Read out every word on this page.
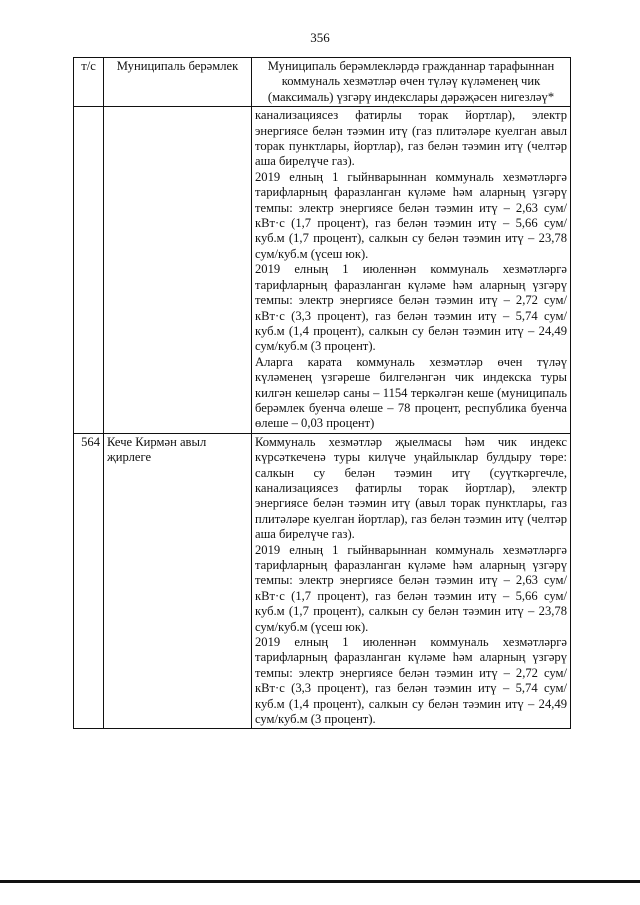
356
т/с	Муниципаль берәмлек	Муниципаль берәмлекләрдә гражданнар тарафыннан коммуналь хезмәтләр өчен түләү күләменең чик (максималь) үзгәрү индекслары дәрәҗәсен нигезләү*

		канализациясез фатирлы торак йортлар), электр энергиясе белән тәэмин итү (газ плитәләре куелган авыл торак пунктлары, йортлар), газ белән тәэмин итү (челтәр аша бирелүче газ).

2019 елның 1 гыйнварыннан коммуналь хезмәтләргә тарифларның фаразланган күләме һәм аларның үзгәрү темпы: электр энергиясе белән тәэмин итү – 2,63 сум/кВт·с (1,7 процент), газ белән тәэмин итү – 5,66 сум/куб.м (1,7 процент), салкын су белән тәэмин итү – 23,78 сум/куб.м (үсеш юк).

2019 елның 1 июленнән коммуналь хезмәтләргә тарифларның фаразланган күләме һәм аларның үзгәрү темпы: электр энергиясе белән тәэмин итү – 2,72 сум/кВт·с (3,3 процент), газ белән тәэмин итү – 5,74 сум/куб.м (1,4 процент), салкын су белән тәэмин итү – 24,49 сум/куб.м (3 процент).

Аларга карата коммуналь хезмәтләр өчен түләү күләменең үзгәреше билгеләнгән чик индекска туры килгән кешеләр саны – 1154 теркәлгән кеше (муниципаль берәмлек буенча өлеше – 78 процент, республика буенча өлеше – 0,03 процент)

564	Кече Кирмән авыл җирлеге	Коммуналь хезмәтләр җыелмасы һәм чик индекс күрсәткеченә туры килүче уңайлыклар булдыру төре: салкын су белән тәэмин итү (суүткәргечле, канализациясез фатирлы торак йортлар), электр энергиясе белән тәэмин итү (авыл торак пунктлары, газ плитәләре куелган йортлар), газ белән тәэмин итү (челтәр аша бирелүче газ).

2019 елның 1 гыйнварыннан коммуналь хезмәтләргә тарифларның фаразланган күләме һәм аларның үзгәрү темпы: электр энергиясе белән тәэмин итү – 2,63 сум/кВт·с (1,7 процент), газ белән тәэмин итү – 5,66 сум/куб.м (1,7 процент), салкын су белән тәэмин итү – 23,78 сум/куб.м (үсеш юк).

2019 елның 1 июленнән коммуналь хезмәтләргә тарифларның фаразланган күләме һәм аларның үзгәрү темпы: электр энергиясе белән тәэмин итү – 2,72 сум/кВт·с (3,3 процент), газ белән тәэмин итү – 5,74 сум/куб.м (1,4 процент), салкын су белән тәэмин итү – 24,49 сум/куб.м (3 процент).
